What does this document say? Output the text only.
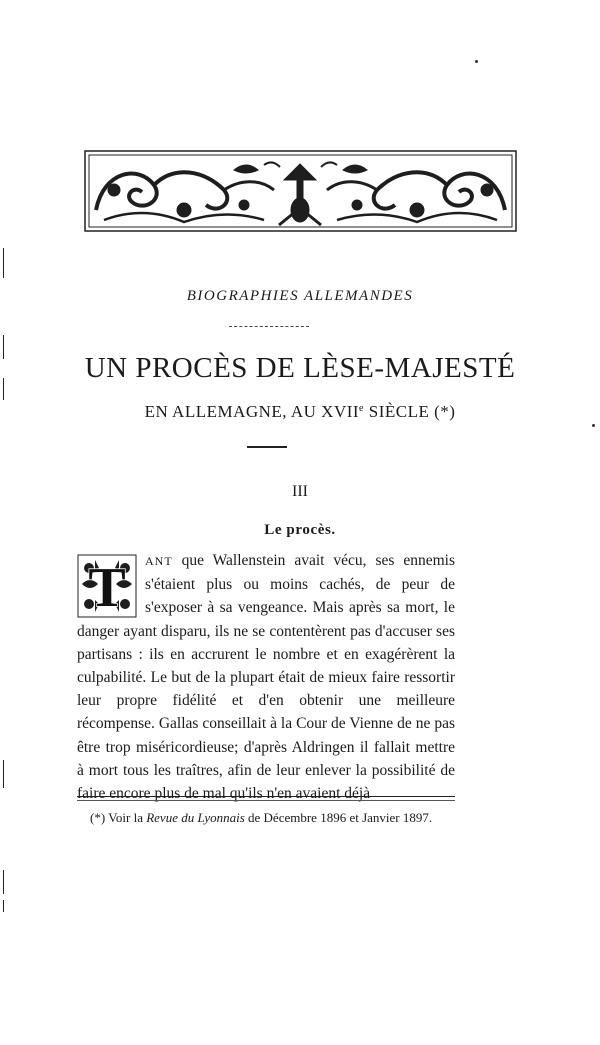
BIOGRAPHIES ALLEMANDES
UN PROCÈS DE LÈSE-MAJESTÉ
EN ALLEMAGNE, AU XVIIe SIÈCLE (*)
III
Le procès.
T ANT que Wallenstein avait vécu, ses ennemis s'étaient plus ou moins cachés, de peur de s'exposer à sa vengeance. Mais après sa mort, le danger ayant disparu, ils ne se contentèrent pas d'accuser ses partisans : ils en accrurent le nombre et en exagérèrent la culpabilité. Le but de la plupart était de mieux faire ressortir leur propre fidélité et d'en obtenir une meilleure récompense. Gallas conseillait à la Cour de Vienne de ne pas être trop miséricordieuse; d'après Aldringen il fallait mettre à mort tous les traîtres, afin de leur enlever la possibilité de faire encore plus de mal qu'ils n'en avaient déjà
(*) Voir la Revue du Lyonnais de Décembre 1896 et Janvier 1897.
